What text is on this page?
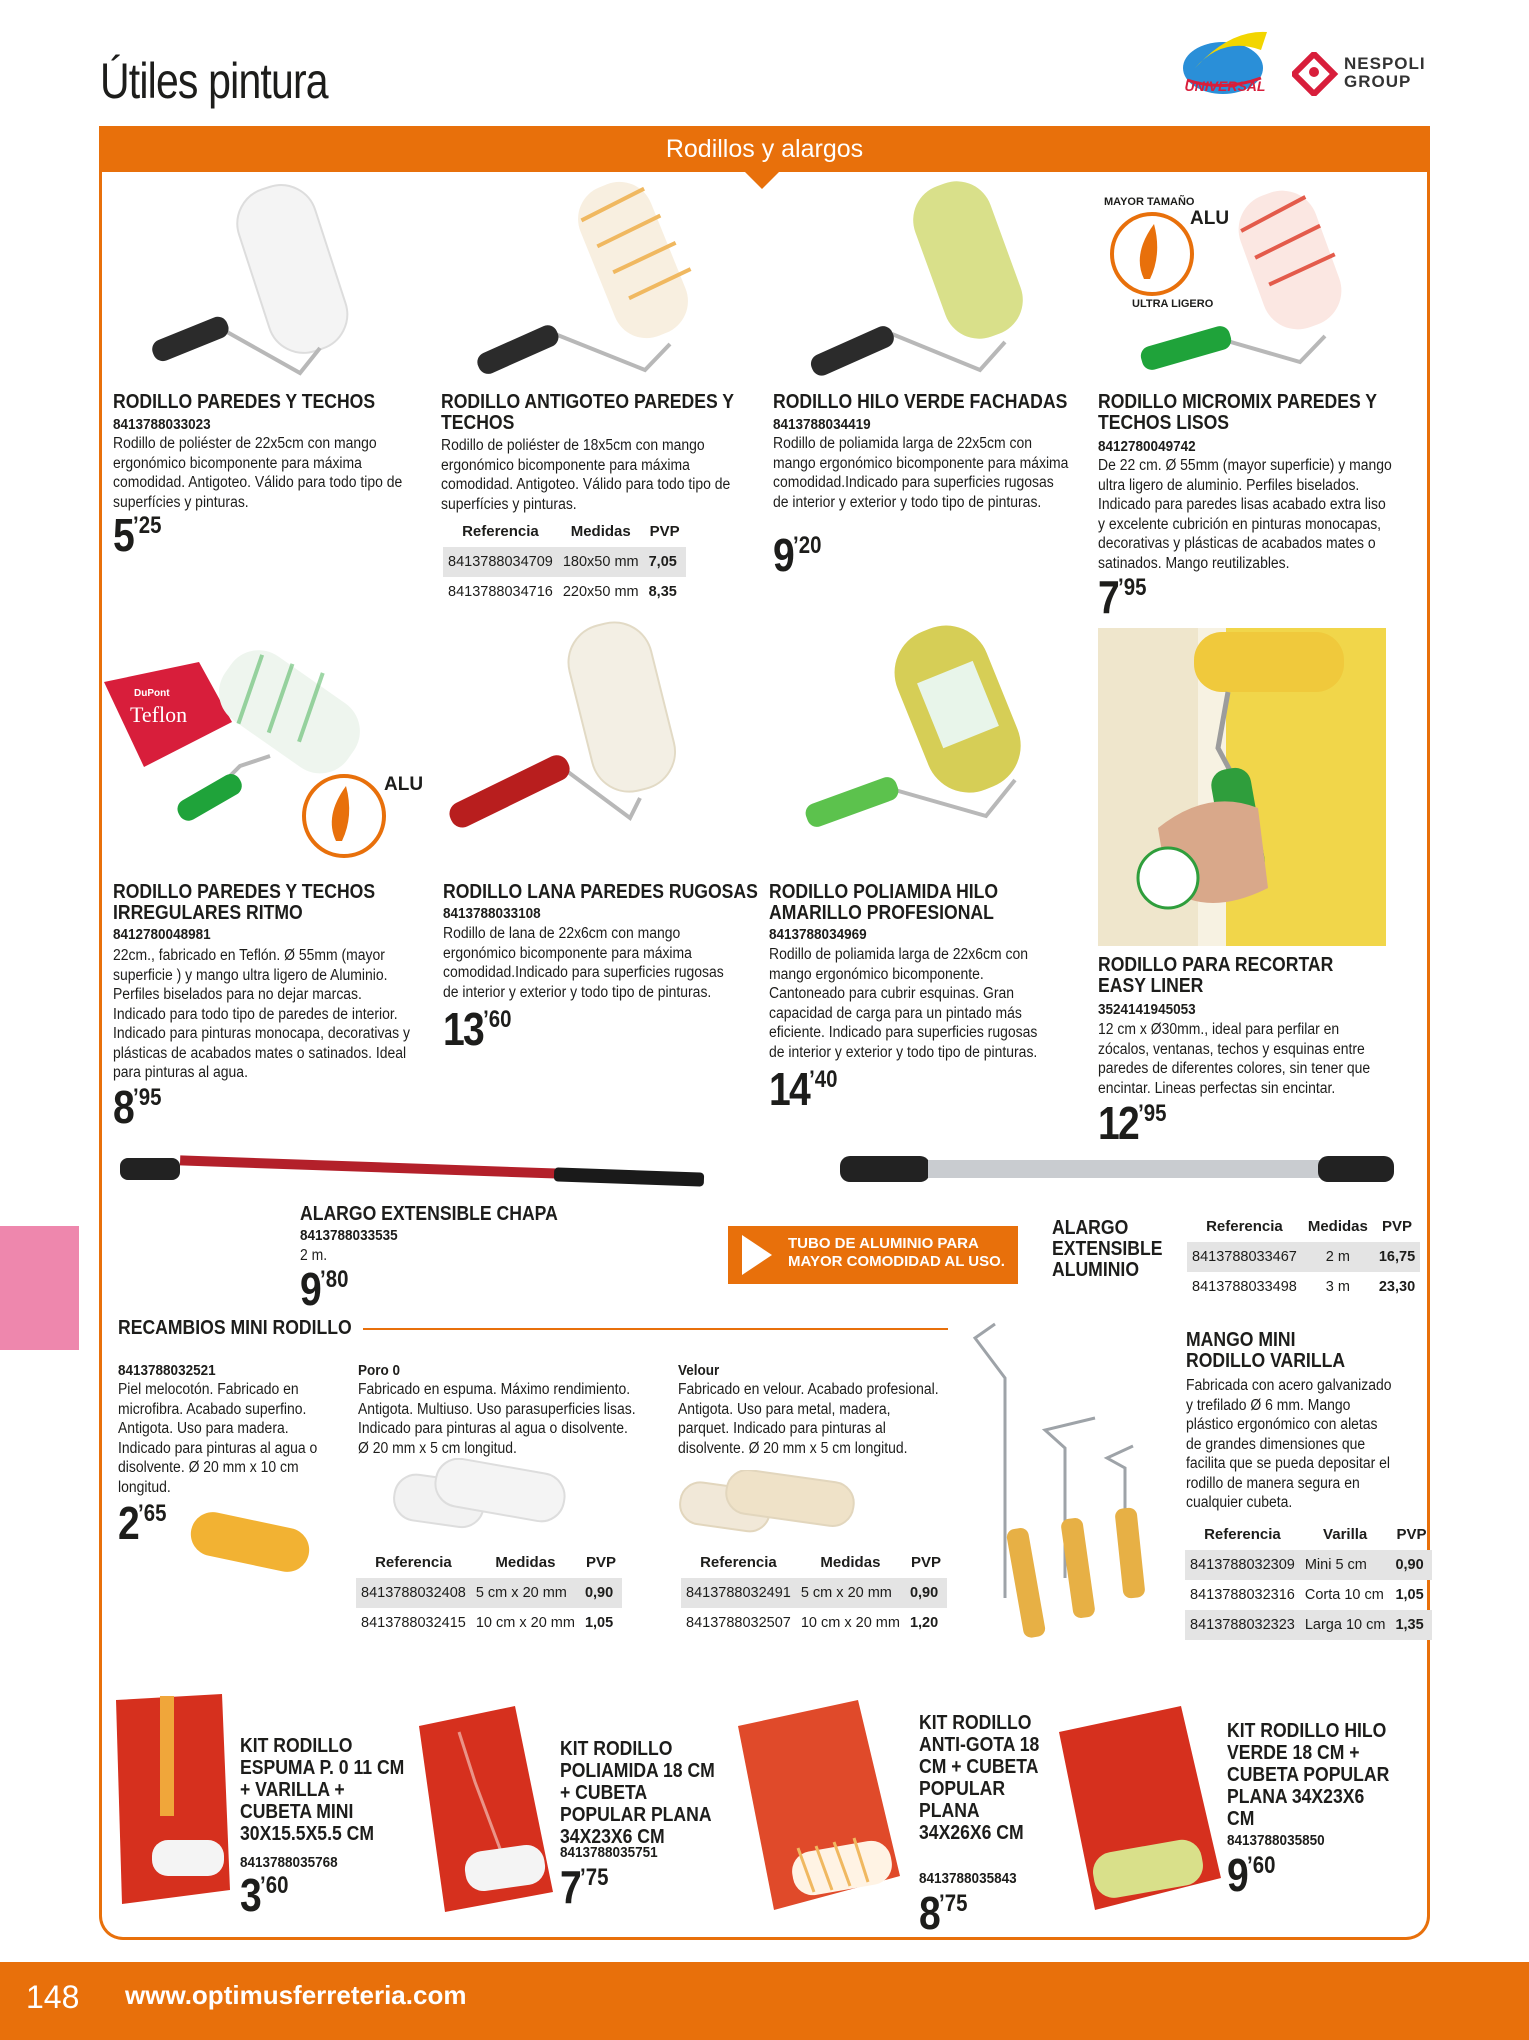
Útiles pintura	UNIVERSAL
NESPOLI
GROUP
Rodillos y alargos
RODILLO PAREDES Y TECHOS
8413788033023
Rodillo de poliéster de 22x5cm con mango ergonómico bicomponente para máxima comodidad. Antigoteo. Válido para todo tipo de superfícies y pinturas.
$5^{’25}$
RODILLO ANTIGOTEO PAREDES Y TECHOS
Rodillo de poliéster de 18x5cm con mango ergonómico bicomponente para máxima comodidad. Antigoteo. Válido para todo tipo de superfícies y pinturas.
Referencia	Medidas	PVP
8413788034709	180x50 mm	7,05
8413788034716	220x50 mm	8,35
RODILLO HILO VERDE FACHADAS
8413788034419
Rodillo de poliamida larga de 22x5cm con mango ergonómico bicomponente para máxima comodidad.Indicado para superficies rugosas de interior y exterior y todo tipo de pinturas.
$9^{’20}$
MAYOR TAMAÑO
ALU
ULTRA LIGERO
RODILLO MICROMIX PAREDES Y TECHOS LISOS
8412780049742
De 22 cm. Ø 55mm (mayor superficie) y mango ultra ligero de aluminio. Perfiles biselados. Indicado para paredes lisas acabado extra liso y excelente cubrición en pinturas monocapas, decorativas y plásticas de acabados mates o satinados. Mango reutilizables.
$7^{’95}$
DuPont
Teflon
ALU
RODILLO PAREDES Y TECHOS IRREGULARES RITMO
8412780048981
22cm., fabricado en Teflón. Ø 55mm (mayor superficie ) y mango ultra ligero de Aluminio. Perfiles biselados para no dejar marcas. Indicado para todo tipo de paredes de interior. Indicado para pinturas monocapa, decorativas y plásticas de acabados mates o satinados. Ideal para pinturas al agua.
$8^{’95}$
RODILLO LANA PAREDES RUGOSAS
8413788033108
Rodillo de lana de 22x6cm con mango ergonómico bicomponente para máxima comodidad.Indicado para superficies rugosas de interior y exterior y todo tipo de pinturas.
$13^{’60}$
RODILLO POLIAMIDA HILO AMARILLO PROFESIONAL
8413788034969
Rodillo de poliamida larga de 22x6cm con mango ergonómico bicomponente. Cantoneado para cubrir esquinas. Gran capacidad de carga para un pintado más eficiente. Indicado para superficies rugosas de interior y exterior y todo tipo de pinturas.
$14^{’40}$
RODILLO PARA RECORTAR EASY LINER
3524141945053
12 cm x Ø30mm., ideal para perfilar en zócalos, ventanas, techos y esquinas entre paredes de diferentes colores, sin tener que encintar. Lineas perfectas sin encintar.
$12^{’95}$
ALARGO EXTENSIBLE CHAPA
8413788033535
2 m.
$9^{’80}$
TUBO DE ALUMINIO PARA MAYOR COMODIDAD AL USO.
ALARGO EXTENSIBLE ALUMINIO
Referencia	Medidas	PVP
8413788033467	2 m	16,75
8413788033498	3 m	23,30
RECAMBIOS MINI RODILLO
8413788032521
Piel melocotón. Fabricado en microfibra. Acabado superfino. Antigota. Uso para madera. Indicado para pinturas al agua o disolvente. Ø 20 mm x 10 cm longitud.
$2^{’65}$
Poro 0
Fabricado en espuma. Máximo rendimiento. Antigota. Multiuso. Uso parasuperficies lisas. Indicado para pinturas al agua o disolvente. Ø 20 mm x 5 cm longitud.
Referencia	Medidas	PVP
8413788032408	5 cm x 20 mm	0,90
8413788032415	10 cm x 20 mm	1,05
Velour
Fabricado en velour. Acabado profesional. Antigota. Uso para metal, madera, parquet. Indicado para pinturas al disolvente. Ø 20 mm x 5 cm longitud.
Referencia	Medidas	PVP
8413788032491	5 cm x 20 mm	0,90
8413788032507	10 cm x 20 mm	1,20
MANGO MINI RODILLO VARILLA
Fabricada con acero galvanizado y trefilado Ø 6 mm. Mango plástico ergonómico con aletas de grandes dimensiones que facilita que se pueda depositar el rodillo de manera segura en cualquier cubeta.
Referencia	Varilla	PVP
8413788032309	Mini 5 cm	0,90
8413788032316	Corta 10 cm	1,05
8413788032323	Larga 10 cm	1,35
KIT RODILLO ESPUMA P. 0 11 CM + VARILLA + CUBETA MINI 30X15.5X5.5 CM
8413788035768
$3^{’60}$
KIT RODILLO POLIAMIDA 18 CM + CUBETA POPULAR PLANA 34X23X6 CM
8413788035751
$7^{’75}$
KIT RODILLO ANTI-GOTA 18 CM + CUBETA POPULAR PLANA 34X26X6 CM
8413788035843
$8^{’75}$
KIT RODILLO HILO VERDE 18 CM + CUBETA POPULAR PLANA 34X23X6 CM
8413788035850
$9^{’60}$
148 www.optimusferreteria.com
